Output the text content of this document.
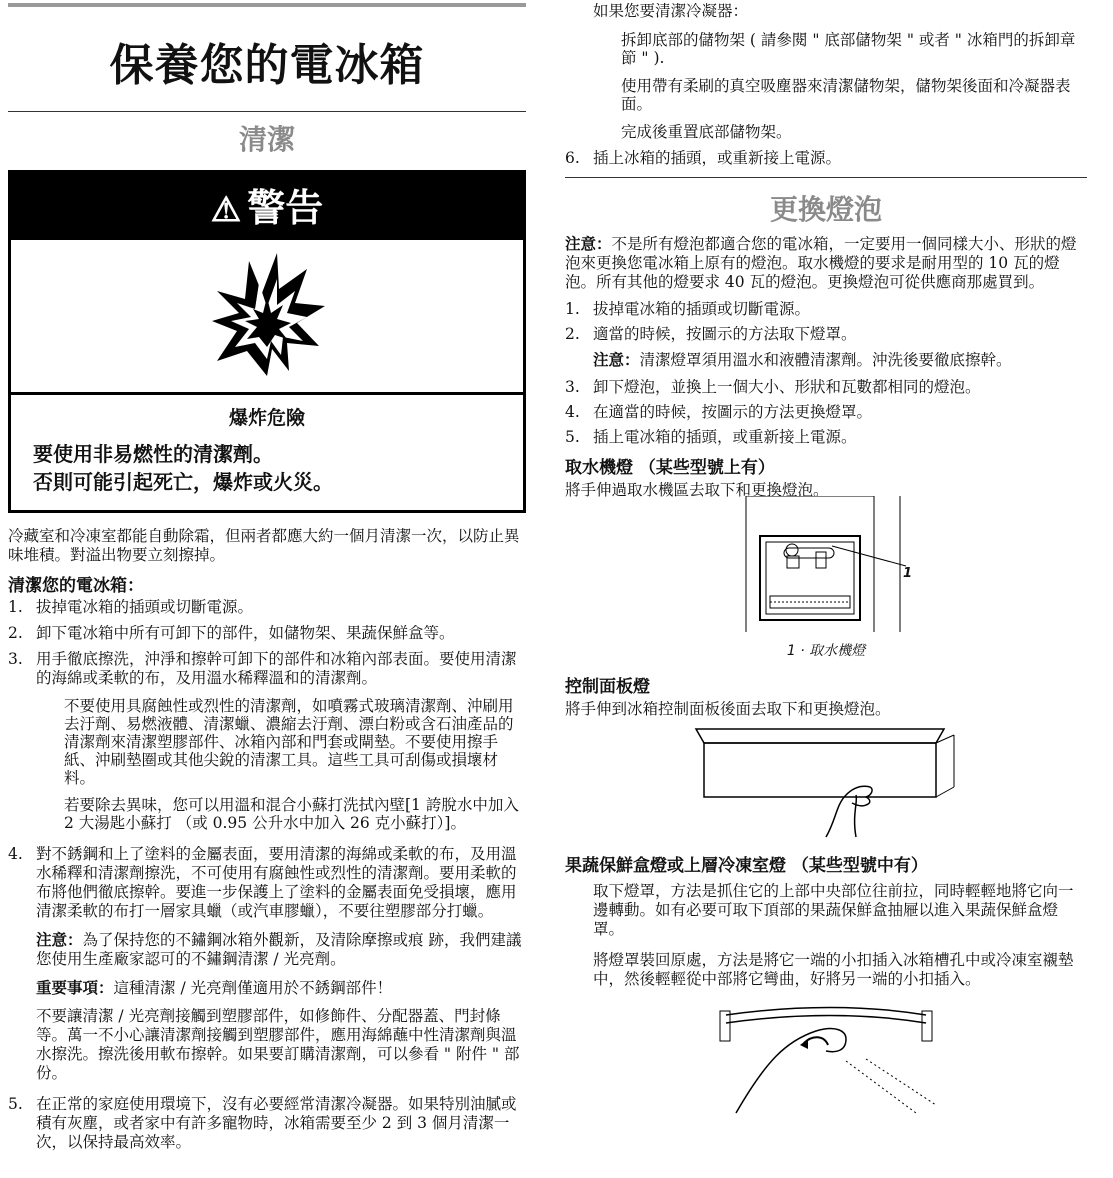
保養您的電冰箱
清潔
⚠ 警告
爆炸危險
要使用非易燃性的清潔劑。
否則可能引起死亡，爆炸或火災。

冷藏室和冷凍室都能自動除霜，但兩者都應大約一個月清潔一次，以防止異味堆積。對溢出物要立刻擦掉。

清潔您的電冰箱：

1. 拔掉電冰箱的插頭或切斷電源。
2. 卸下電冰箱中所有可卸下的部件，如儲物架、果蔬保鮮盒等。
3. 用手徹底擦洗，沖淨和擦幹可卸下的部件和冰箱內部表面。要使用清潔的海綿或柔軟的布，及用溫水稀釋溫和的清潔劑。

不要使用具腐蝕性或烈性的清潔劑，如噴霧式玻璃清潔劑、沖刷用去汙劑、易燃液體、清潔蠟、濃縮去汙劑、漂白粉或含石油產品的清潔劑來清潔塑膠部件、冰箱內部和門套或閘墊。不要使用擦手紙、沖刷墊圈或其他尖銳的清潔工具。這些工具可刮傷或損壞材料。

若要除去異味，您可以用溫和混合小蘇打洗拭內壁[1 誇脫水中加入 2 大湯匙小蘇打 （或 0.95 公升水中加入 26 克小蘇打）]。

4. 對不銹鋼和上了塗料的金屬表面，要用清潔的海綿或柔軟的布，及用溫水稀釋和清潔劑擦洗，不可使用有腐蝕性或烈性的清潔劑。要用柔軟的布將他們徹底擦幹。要進一步保護上了塗料的金屬表面免受損壞，應用清潔柔軟的布打一層家具蠟（或汽車膠蠟），不要往塑膠部分打蠟。

注意：為了保持您的不鏽鋼冰箱外觀新，及清除摩擦或痕 跡，我們建議您使用生產廠家認可的不鏽鋼清潔 / 光亮劑。

重要事項：這種清潔 / 光亮劑僅適用於不銹鋼部件！

不要讓清潔 / 光亮劑接觸到塑膠部件，如修飾件、分配器蓋、門封條等。萬一不小心讓清潔劑接觸到塑膠部件，應用海綿蘸中性清潔劑與溫水擦洗。擦洗後用軟布擦幹。如果要訂購清潔劑，可以參看 " 附件 " 部份。

5. 在正常的家庭使用環境下，沒有必要經常清潔冷凝器。如果特別油膩或積有灰塵，或者家中有許多寵物時，冰箱需要至少 2 到 3 個月清潔一次，以保持最高效率。

如果您要清潔冷凝器：

拆卸底部的儲物架 ( 請參閱 " 底部儲物架 " 或者 " 冰箱門的拆卸章節 " ).

使用帶有柔刷的真空吸塵器來清潔儲物架，儲物架後面和冷凝器表面。

完成後重置底部儲物架。

6. 插上冰箱的插頭，或重新接上電源。
更換燈泡

注意：不是所有燈泡都適合您的電冰箱，一定要用一個同樣大小、形狀的燈泡來更換您電冰箱上原有的燈泡。取水機燈的要求是耐用型的 10 瓦的燈泡。所有其他的燈要求 40 瓦的燈泡。更換燈泡可從供應商那處買到。

1. 拔掉電冰箱的插頭或切斷電源。
2. 適當的時候，按圖示的方法取下燈罩。

注意：清潔燈罩須用溫水和液體清潔劑。沖洗後要徹底擦幹。

3. 卸下燈泡，並換上一個大小、形狀和瓦數都相同的燈泡。
4. 在適當的時候，按圖示的方法更換燈罩。
5. 插上電冰箱的插頭，或重新接上電源。

取水機燈 （某些型號上有）

將手伸過取水機區去取下和更換燈泡。

1

1 · 取水機燈

控制面板燈

將手伸到冰箱控制面板後面去取下和更換燈泡。

果蔬保鮮盒燈或上層冷凍室燈 （某些型號中有）

取下燈罩，方法是抓住它的上部中央部位往前拉，同時輕輕地將它向一邊轉動。如有必要可取下頂部的果蔬保鮮盒抽屜以進入果蔬保鮮盒燈罩。

將燈罩裝回原處，方法是將它一端的小扣插入冰箱槽孔中或冷凍室襯墊中，然後輕輕從中部將它彎曲，好將另一端的小扣插入。
